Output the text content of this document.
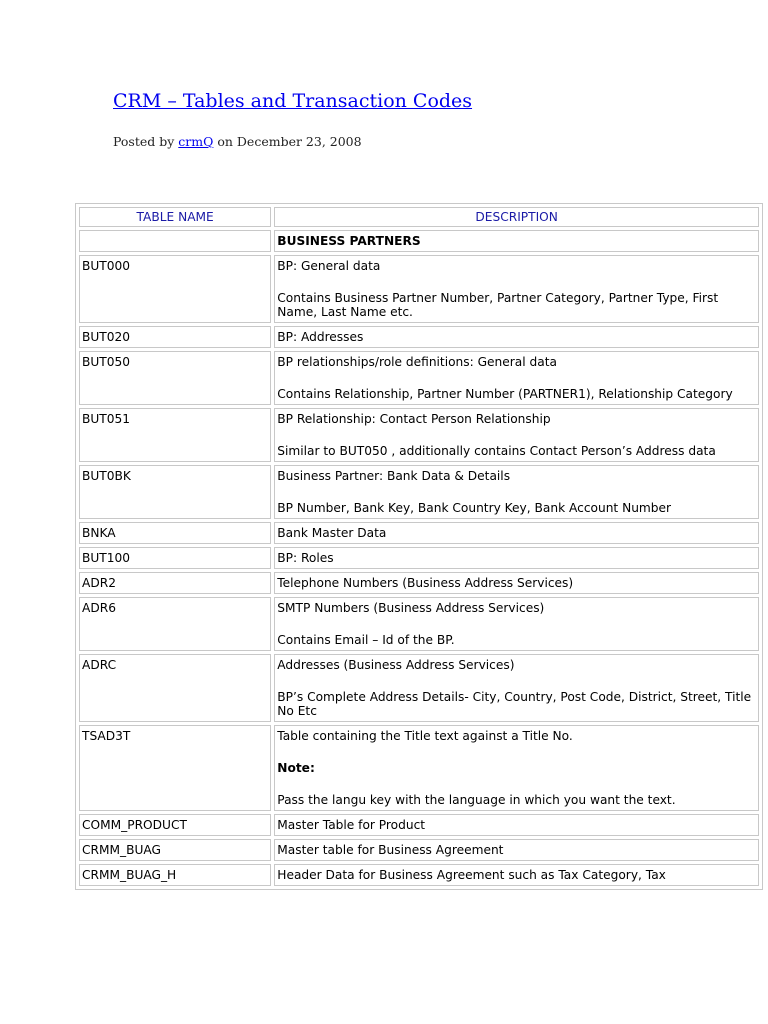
CRM – Tables and Transaction Codes
Posted by crmQ on December 23, 2008
TABLE NAME	DESCRIPTION
	BUSINESS PARTNERS
BUT000	BP: General data

Contains Business Partner Number, Partner Category, Partner Type, First Name, Last Name etc.

BUT020	BP: Addresses

BUT050	BP relationships/role definitions: General data

Contains Relationship, Partner Number (PARTNER1), Relationship Category

BUT051	BP Relationship: Contact Person Relationship

Similar to BUT050 , additionally contains Contact Person’s Address data

BUT0BK	Business Partner: Bank Data & Details

BP Number, Bank Key, Bank Country Key, Bank Account Number

BNKA	Bank Master Data

BUT100	BP: Roles

ADR2	Telephone Numbers (Business Address Services)

ADR6	SMTP Numbers (Business Address Services)

Contains Email – Id of the BP.

ADRC	Addresses (Business Address Services)

BP’s Complete Address Details- City, Country, Post Code, District, Street, Title No Etc

TSAD3T	Table containing the Title text against a Title No.

Note:

Pass the langu key with the language in which you want the text.

COMM_PRODUCT	Master Table for Product

CRMM_BUAG	Master table for Business Agreement

CRMM_BUAG_H	Header Data for Business Agreement such as Tax Category, Tax
